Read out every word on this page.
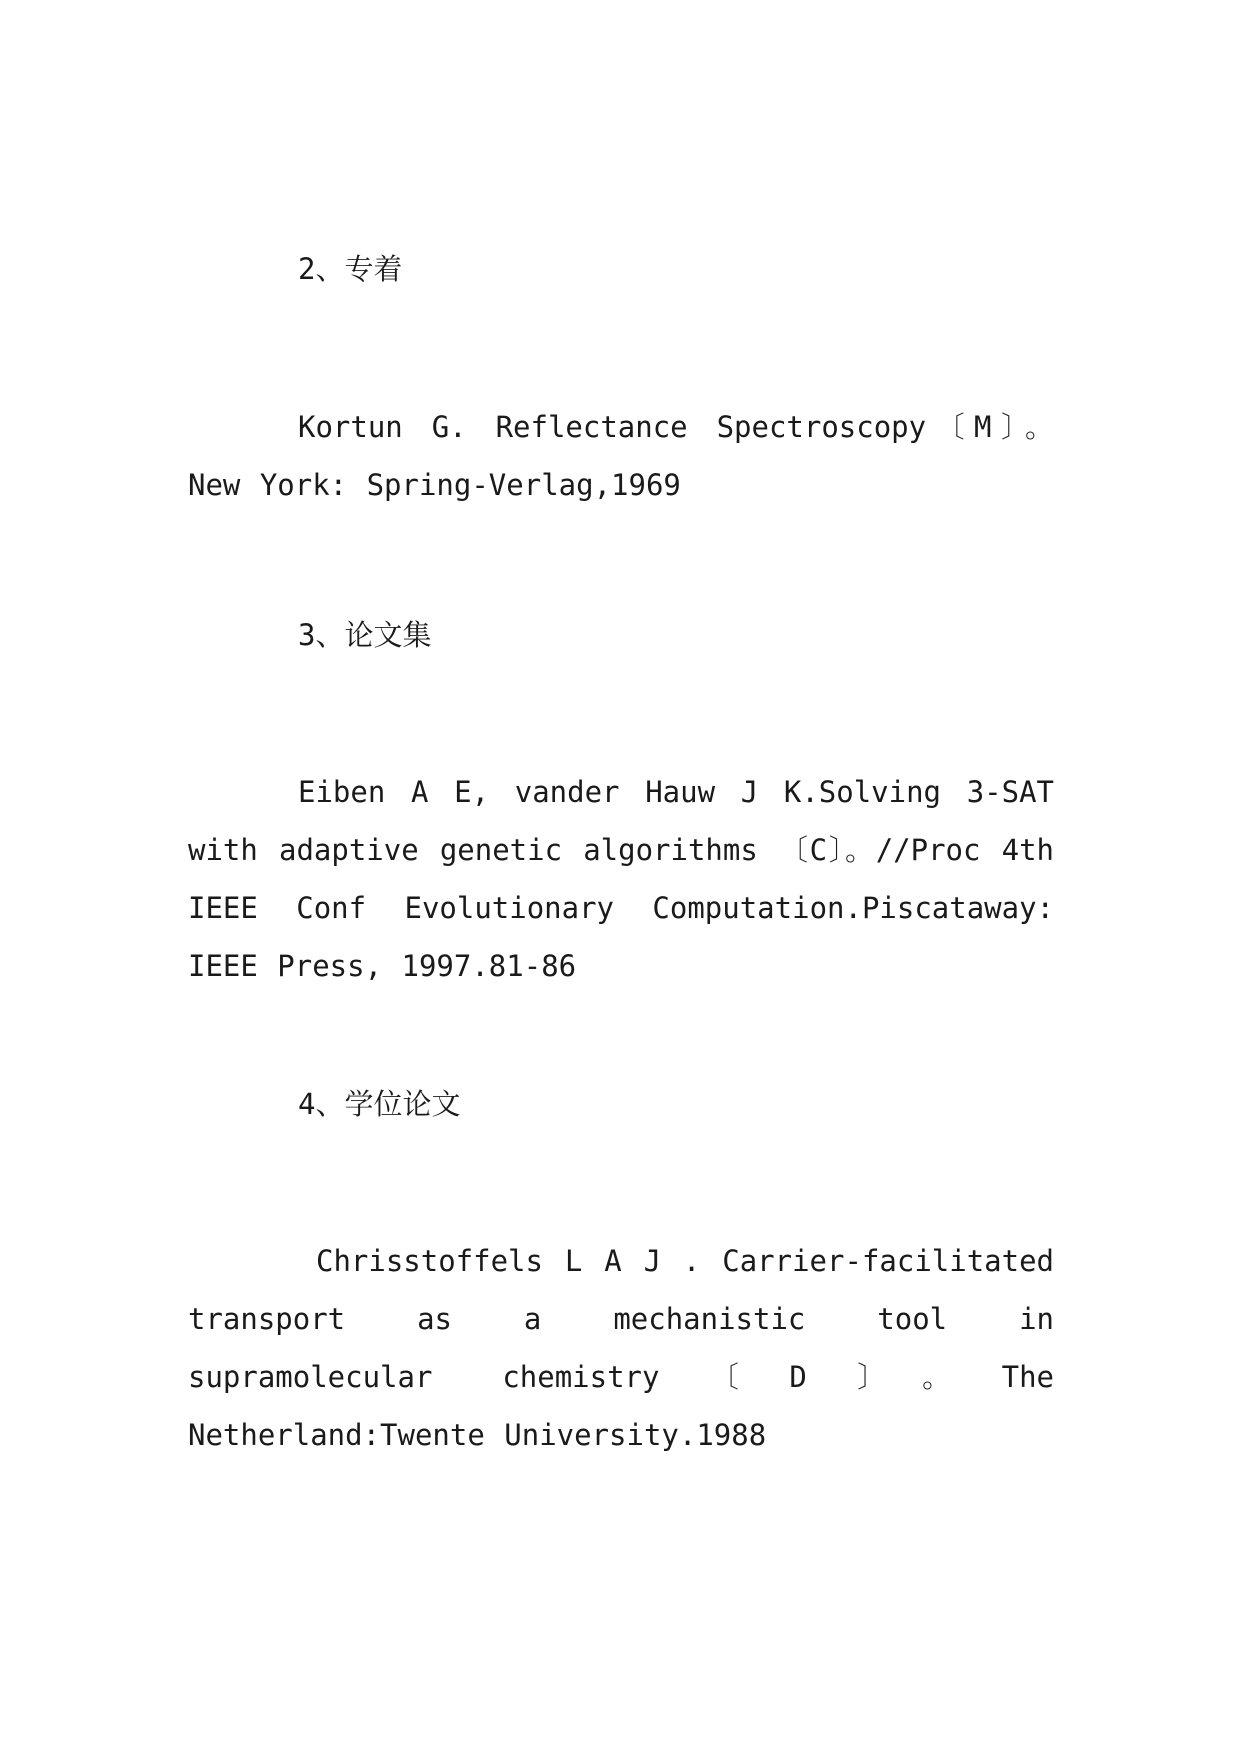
2、专着
Kortun G. Reflectance Spectroscopy〔M〕。 New York: Spring-Verlag,1969
3、论文集
Eiben A E, vander Hauw J K.Solving 3-SAT with adaptive genetic algorithms 〔C〕。//Proc 4th IEEE Conf Evolutionary Computation.Piscataway: IEEE Press, 1997.81-86
4、学位论文
Chrisstoffels L A J . Carrier-facilitated transport as a mechanistic tool in supramolecular chemistry〔D〕。The Netherland:Twente University.1988
